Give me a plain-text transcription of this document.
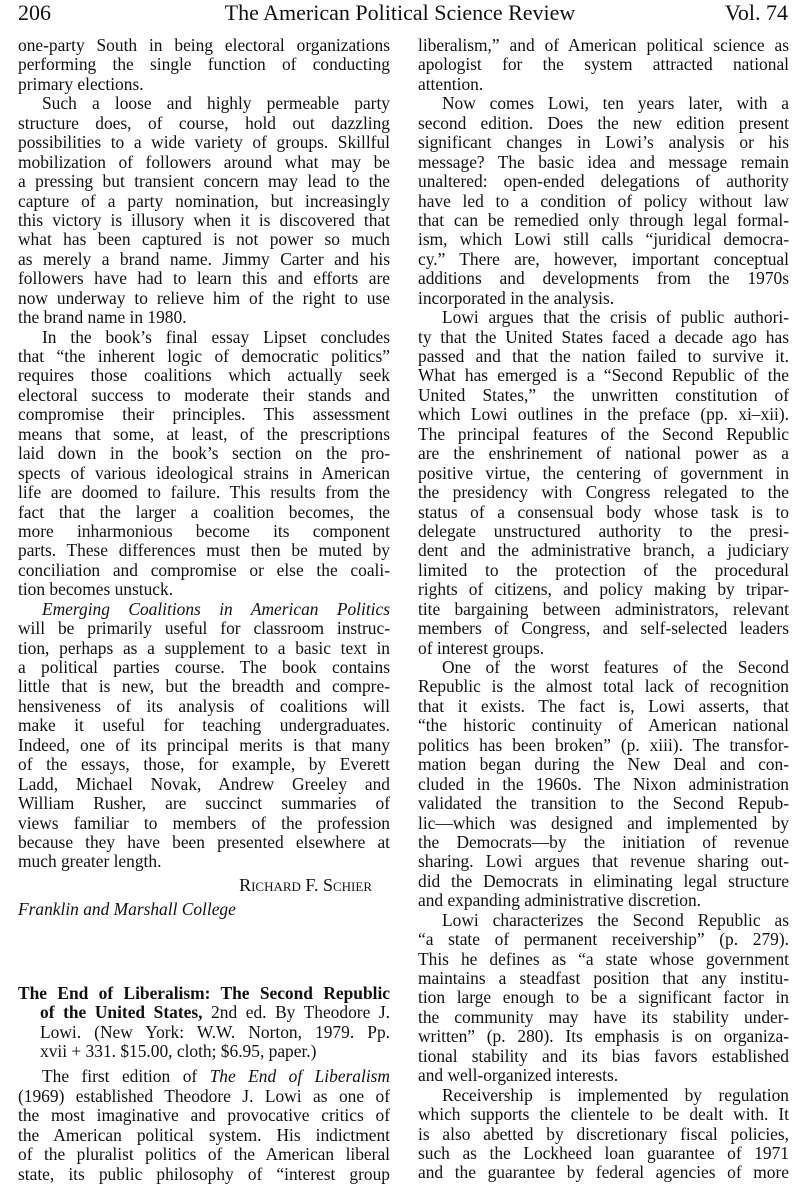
206	The American Political Science Review	Vol. 74
one-party South in being electoral organizations
performing the single function of conducting
primary elections.
Such a loose and highly permeable party
structure does, of course, hold out dazzling
possibilities to a wide variety of groups. Skillful
mobilization of followers around what may be
a pressing but transient concern may lead to the
capture of a party nomination, but increasingly
this victory is illusory when it is discovered that
what has been captured is not power so much
as merely a brand name. Jimmy Carter and his
followers have had to learn this and efforts are
now underway to relieve him of the right to use
the brand name in 1980.
In the book’s final essay Lipset concludes
that “the inherent logic of democratic politics”
requires those coalitions which actually seek
electoral success to moderate their stands and
compromise their principles. This assessment
means that some, at least, of the prescriptions
laid down in the book’s section on the pro-
spects of various ideological strains in American
life are doomed to failure. This results from the
fact that the larger a coalition becomes, the
more inharmonious become its component
parts. These differences must then be muted by
conciliation and compromise or else the coali-
tion becomes unstuck.
Emerging Coalitions in American Politics
will be primarily useful for classroom instruc-
tion, perhaps as a supplement to a basic text in
a political parties course. The book contains
little that is new, but the breadth and compre-
hensiveness of its analysis of coalitions will
make it useful for teaching undergraduates.
Indeed, one of its principal merits is that many
of the essays, those, for example, by Everett
Ladd, Michael Novak, Andrew Greeley and
William Rusher, are succinct summaries of
views familiar to members of the profession
because they have been presented elsewhere at
much greater length.
Richard F. Schier
Franklin and Marshall College
The End of Liberalism: The Second Republic
of the United States, 2nd ed. By Theodore J.
Lowi. (New York: W.W. Norton, 1979. Pp.
xvii + 331. $15.00, cloth; $6.95, paper.)
The first edition of The End of Liberalism
(1969) established Theodore J. Lowi as one of
the most imaginative and provocative critics of
the American political system. His indictment
of the pluralist politics of the American liberal
state, its public philosophy of “interest group
liberalism,” and of American political science as
apologist for the system attracted national
attention.
Now comes Lowi, ten years later, with a
second edition. Does the new edition present
significant changes in Lowi’s analysis or his
message? The basic idea and message remain
unaltered: open-ended delegations of authority
have led to a condition of policy without law
that can be remedied only through legal formal-
ism, which Lowi still calls “juridical democra-
cy.” There are, however, important conceptual
additions and developments from the 1970s
incorporated in the analysis.
Lowi argues that the crisis of public authori-
ty that the United States faced a decade ago has
passed and that the nation failed to survive it.
What has emerged is a “Second Republic of the
United States,” the unwritten constitution of
which Lowi outlines in the preface (pp. xi–xii).
The principal features of the Second Republic
are the enshrinement of national power as a
positive virtue, the centering of government in
the presidency with Congress relegated to the
status of a consensual body whose task is to
delegate unstructured authority to the presi-
dent and the administrative branch, a judiciary
limited to the protection of the procedural
rights of citizens, and policy making by tripar-
tite bargaining between administrators, relevant
members of Congress, and self-selected leaders
of interest groups.
One of the worst features of the Second
Republic is the almost total lack of recognition
that it exists. The fact is, Lowi asserts, that
“the historic continuity of American national
politics has been broken” (p. xiii). The transfor-
mation began during the New Deal and con-
cluded in the 1960s. The Nixon administration
validated the transition to the Second Repub-
lic—which was designed and implemented by
the Democrats—by the initiation of revenue
sharing. Lowi argues that revenue sharing out-
did the Democrats in eliminating legal structure
and expanding administrative discretion.
Lowi characterizes the Second Republic as
“a state of permanent receivership” (p. 279).
This he defines as “a state whose government
maintains a steadfast position that any institu-
tion large enough to be a significant factor in
the community may have its stability under-
written” (p. 280). Its emphasis is on organiza-
tional stability and its bias favors established
and well-organized interests.
Receivership is implemented by regulation
which supports the clientele to be dealt with. It
is also abetted by discretionary fiscal policies,
such as the Lockheed loan guarantee of 1971
and the guarantee by federal agencies of more
